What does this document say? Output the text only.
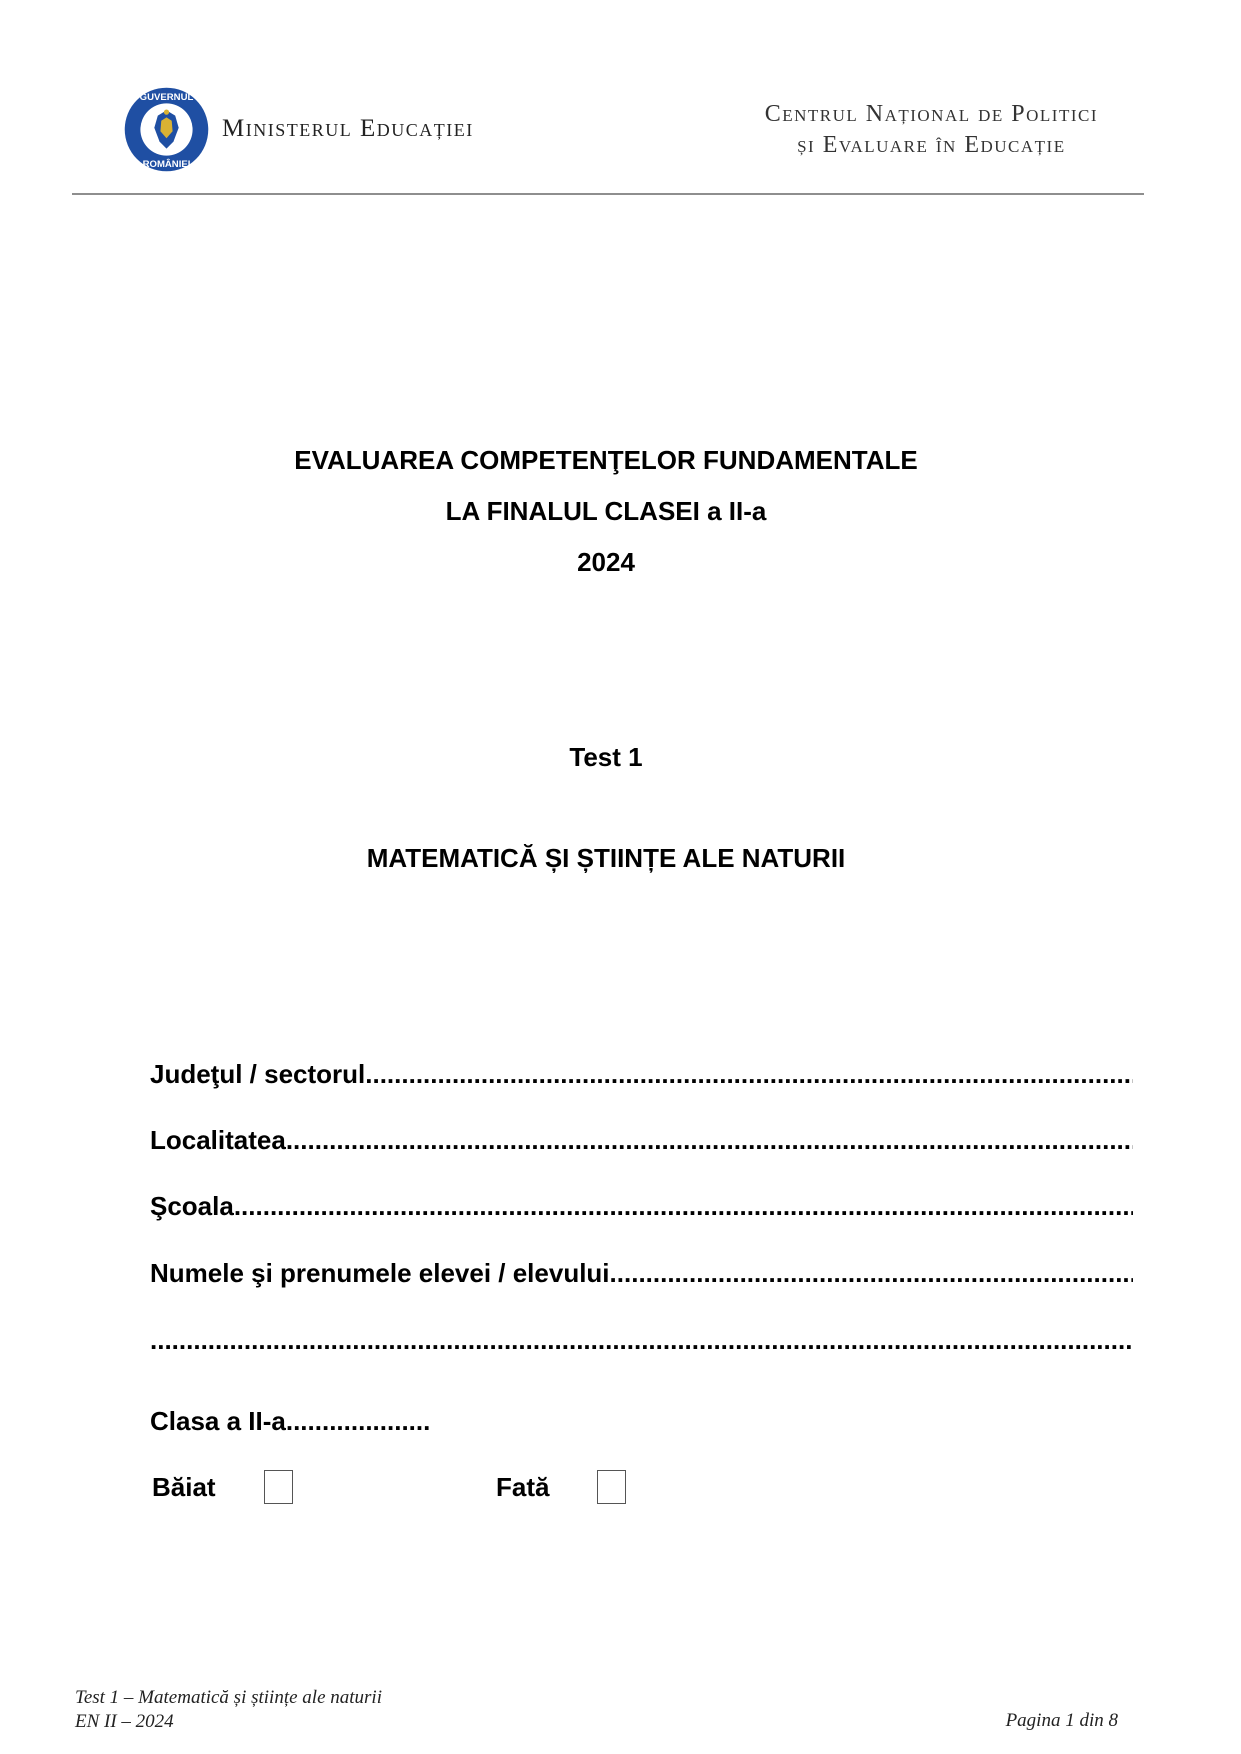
GUVERNUL
ROMÂNIEI
Ministerul Educației
Centrul Național de Politici
și Evaluare în Educație
EVALUAREA COMPETENŢELOR FUNDAMENTALE
LA FINALUL CLASEI a II-a
2024
Test 1
MATEMATICĂ ȘI ȘTIINȚE ALE NATURII
Judeţul / sectorul
.....
Localitatea
.....
Şcoala
.....
Numele şi prenumele elevei / elevului
.....
.....
Clasa a II-a....................
Băiat	Fată
Test 1 – Matematică și științe ale naturii
EN II – 2024	Pagina 1 din 8
